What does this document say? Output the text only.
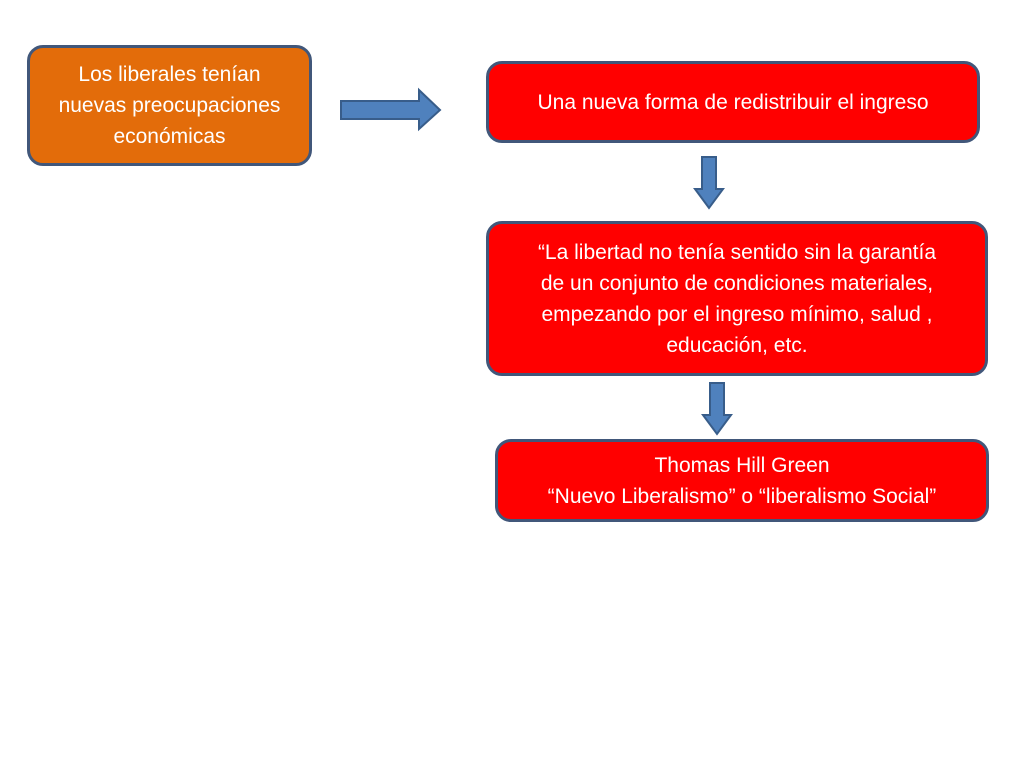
Los liberales tenían
nuevas preocupaciones
económicas
Una nueva forma de redistribuir el ingreso
“La libertad no tenía sentido sin la garantía
de un conjunto de condiciones materiales,
empezando por el ingreso mínimo, salud ,
educación, etc.
Thomas Hill Green
“Nuevo Liberalismo” o “liberalismo Social”
